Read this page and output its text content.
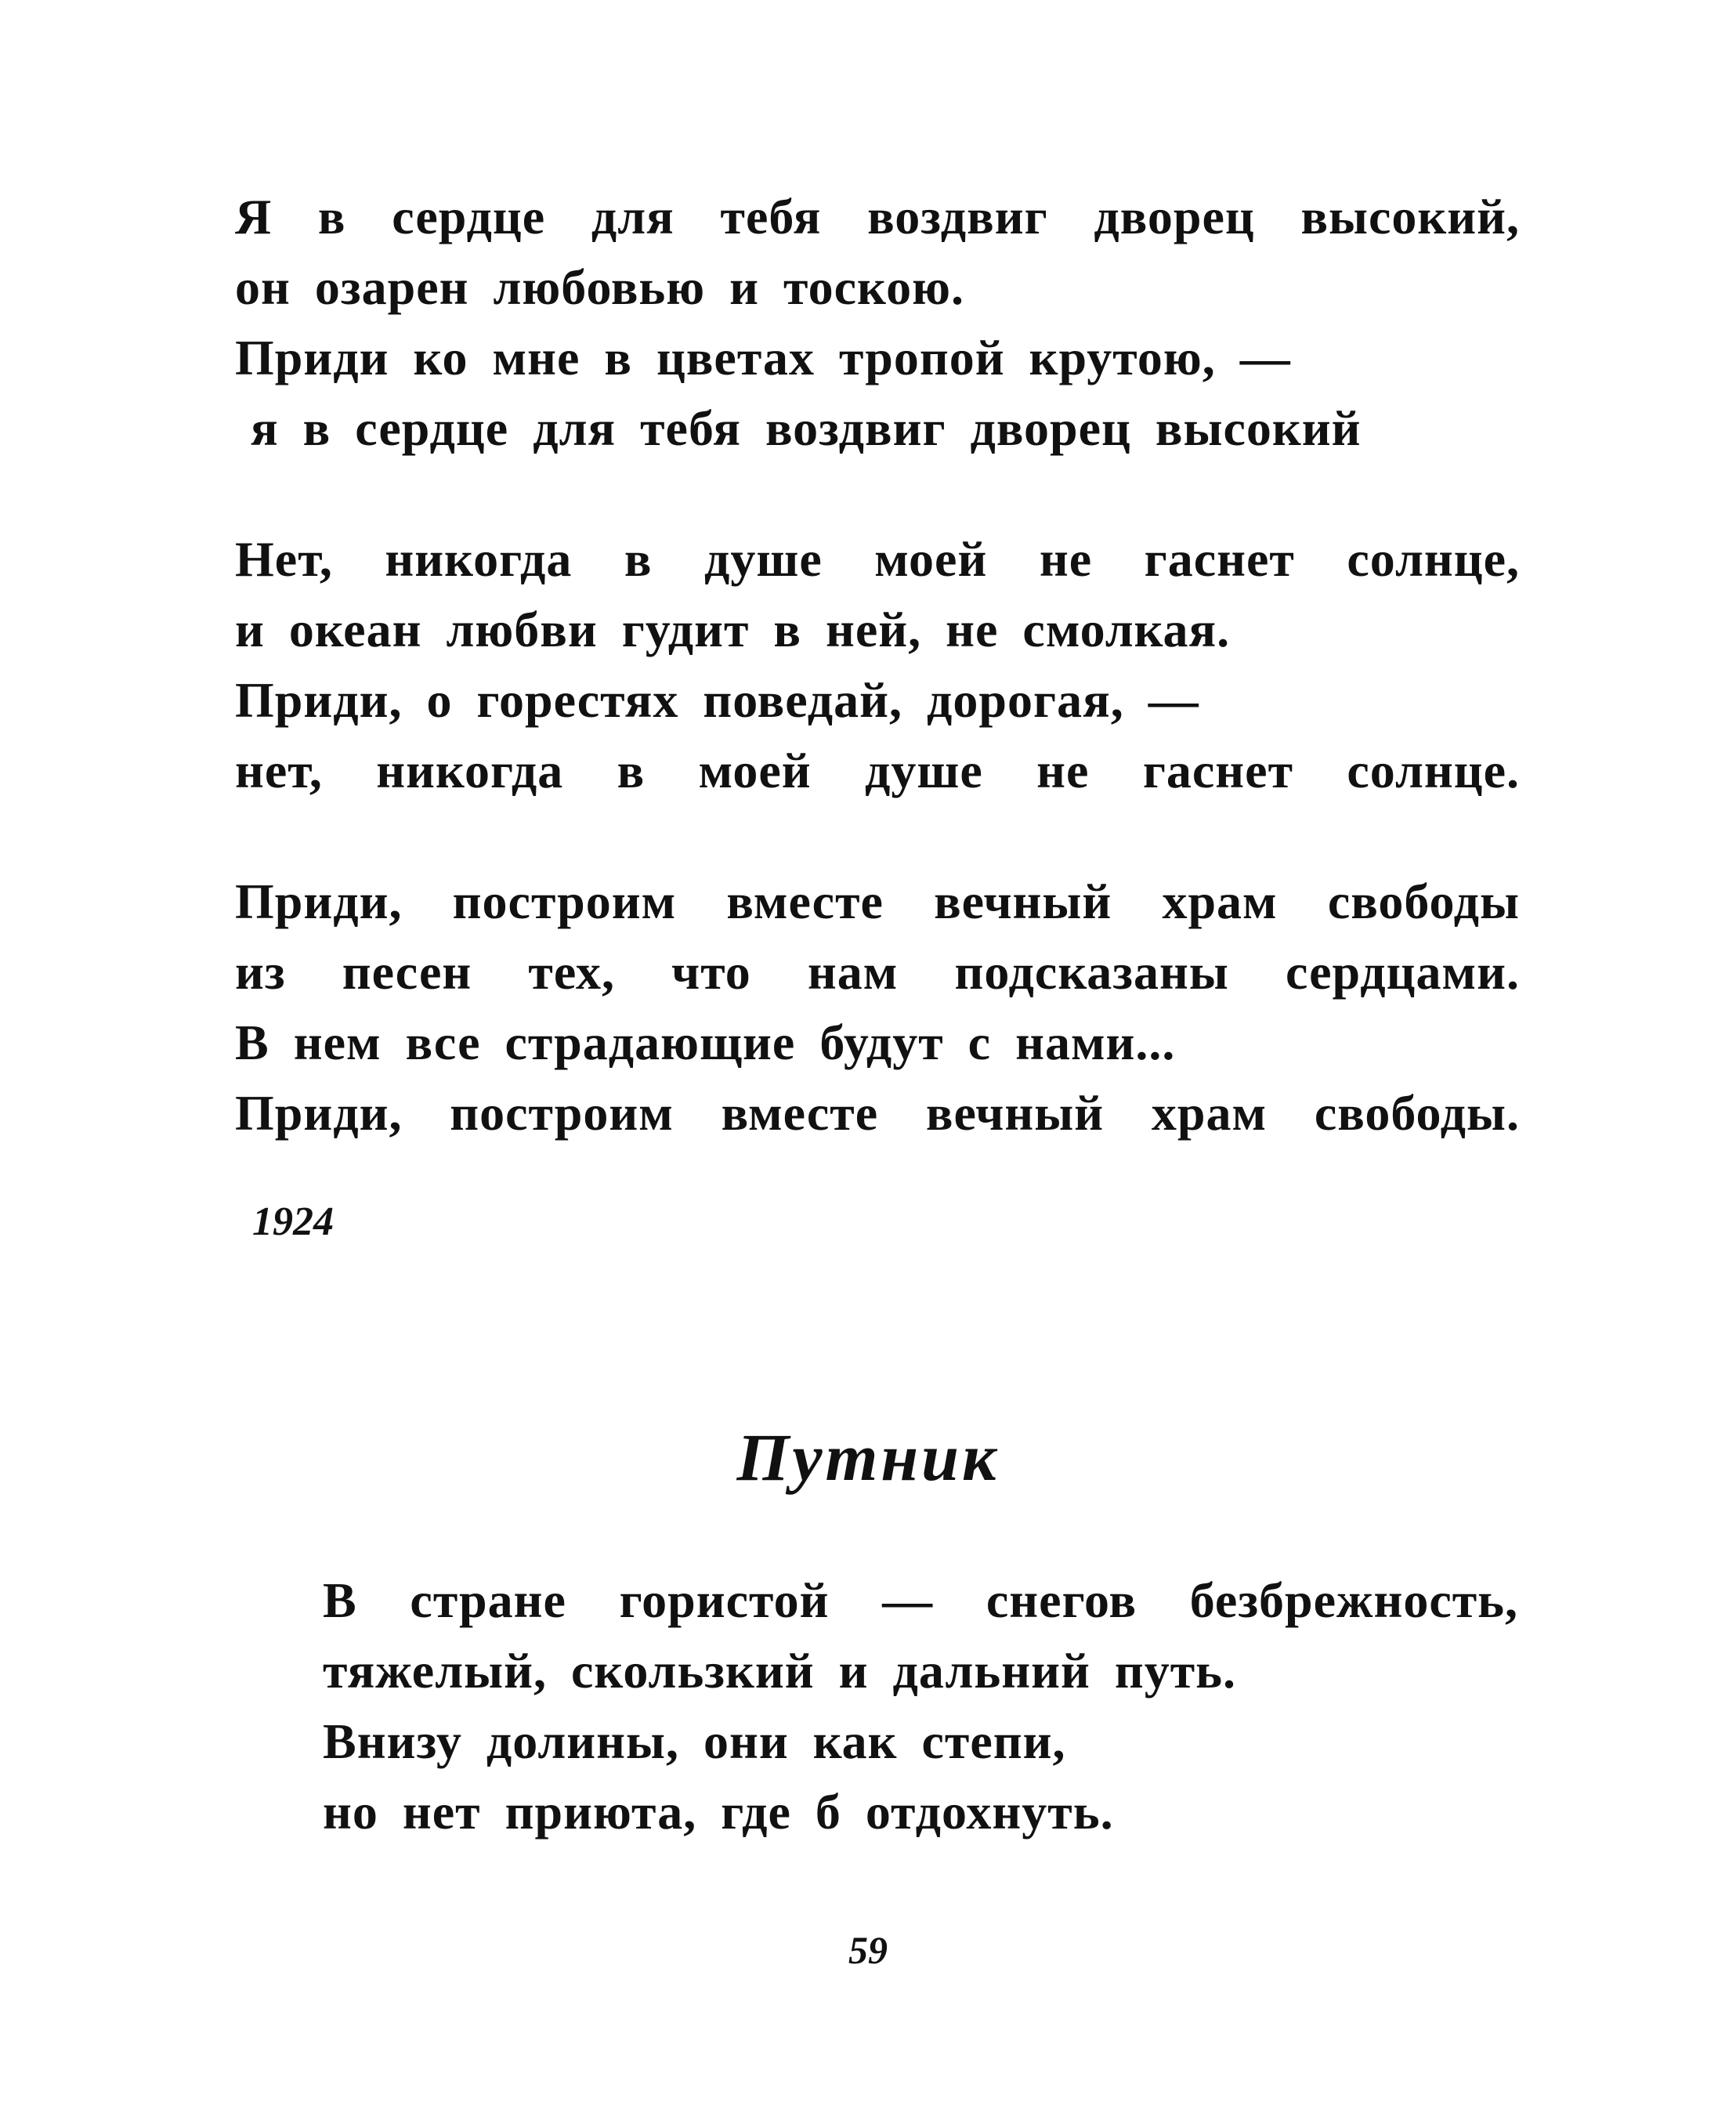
Я в сердце для тебя воздвиг дворец высокий,
он озарен любовью и тоскою.
Приди ко мне в цветах тропой крутою, —
я в сердце для тебя воздвиг дворец высокий
Нет, никогда в душе моей не гаснет солнце,
и океан любви гудит в ней, не смолкая.
Приди, о горестях поведай, дорогая, —
нет, никогда в моей душе не гаснет солнце.
Приди, построим вместе вечный храм свободы
из песен тех, что нам подсказаны сердцами.
В нем все страдающие будут с нами...
Приди, построим вместе вечный храм свободы.
1924
Путник
В стране гористой — снегов безбрежность,
тяжелый, скользкий и дальний путь.
Внизу долины, они как степи,
но нет приюта, где б отдохнуть.
59
